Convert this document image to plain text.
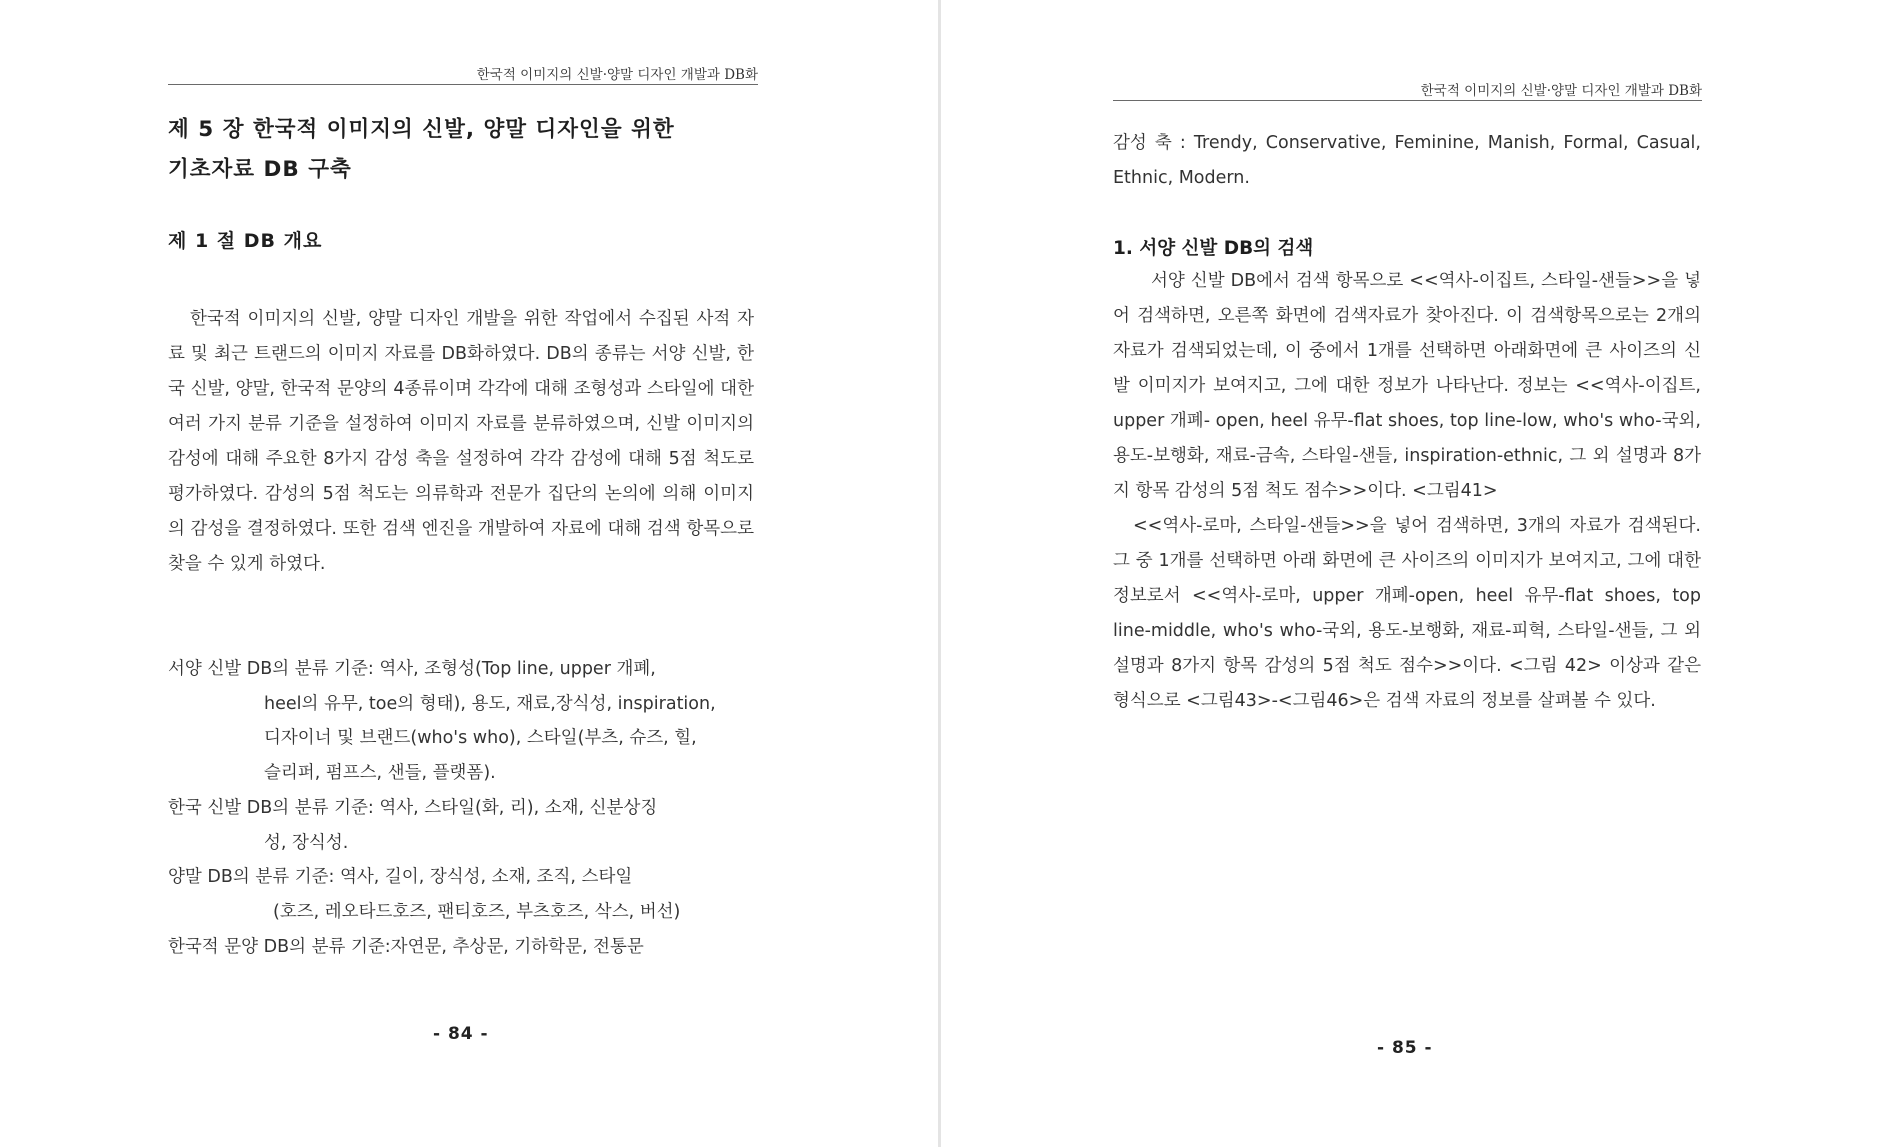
한국적 이미지의 신발·양말 디자인 개발과 DB화
제 5 장 한국적 이미지의 신발, 양말 디자인을 위한
기초자료 DB 구축
제 1 절 DB 개요

한국적 이미지의 신발, 양말 디자인 개발을 위한 작업에서 수집된 사적 자료 및 최근 트랜드의 이미지 자료를 DB화하였다. DB의 종류는 서양 신발, 한국 신발, 양말, 한국적 문양의 4종류이며 각각에 대해 조형성과 스타일에 대한 여러 가지 분류 기준을 설정하여 이미지 자료를 분류하였으며, 신발 이미지의 감성에 대해 주요한 8가지 감성 축을 설정하여 각각 감성에 대해 5점 척도로 평가하였다. 감성의 5점 척도는 의류학과 전문가 집단의 논의에 의해 이미지의 감성을 결정하였다. 또한 검색 엔진을 개발하여 자료에 대해 검색 항목으로 찾을 수 있게 하였다.

서양 신발 DB의 분류 기준: 역사, 조형성(Top line, upper 개폐,
heel의 유무, toe의 형태), 용도, 재료,장식성, inspiration,
디자이너 및 브랜드(who's who), 스타일(부츠, 슈즈, 힐,
슬리퍼, 펌프스, 샌들, 플랫폼).
한국 신발 DB의 분류 기준: 역사, 스타일(화, 리), 소재, 신분상징
성, 장식성.
양말 DB의 분류 기준: 역사, 길이, 장식성, 소재, 조직, 스타일
(호즈, 레오타드호즈, 팬티호즈, 부츠호즈, 삭스, 버선)
한국적 문양 DB의 분류 기준:자연문, 추상문, 기하학문, 전통문
- 84 -
한국적 이미지의 신발·양말 디자인 개발과 DB화

감성 축 : Trendy, Conservative, Feminine, Manish, Formal, Casual, Ethnic, Modern.

1. 서양 신발 DB의 검색

서양 신발 DB에서 검색 항목으로 <<역사-이집트, 스타일-샌들>>을 넣어 검색하면, 오른쪽 화면에 검색자료가 찾아진다. 이 검색항목으로는 2개의 자료가 검색되었는데, 이 중에서 1개를 선택하면 아래화면에 큰 사이즈의 신발 이미지가 보여지고, 그에 대한 정보가 나타난다. 정보는 <<역사-이집트, upper 개폐- open, heel 유무-flat shoes, top line-low, who's who-국외, 용도-보행화, 재료-금속, 스타일-샌들, inspiration-ethnic, 그 외 설명과 8가지 항목 감성의 5점 척도 점수>>이다. <그림41>

<<역사-로마, 스타일-샌들>>을 넣어 검색하면, 3개의 자료가 검색된다. 그 중 1개를 선택하면 아래 화면에 큰 사이즈의 이미지가 보여지고, 그에 대한 정보로서 <<역사-로마, upper 개폐-open, heel 유무-flat shoes, top line-middle, who's who-국외, 용도-보행화, 재료-피혁, 스타일-샌들, 그 외 설명과 8가지 항목 감성의 5점 척도 점수>>이다. <그림 42> 이상과 같은 형식으로 <그림43>-<그림46>은 검색 자료의 정보를 살펴볼 수 있다.

- 85 -
